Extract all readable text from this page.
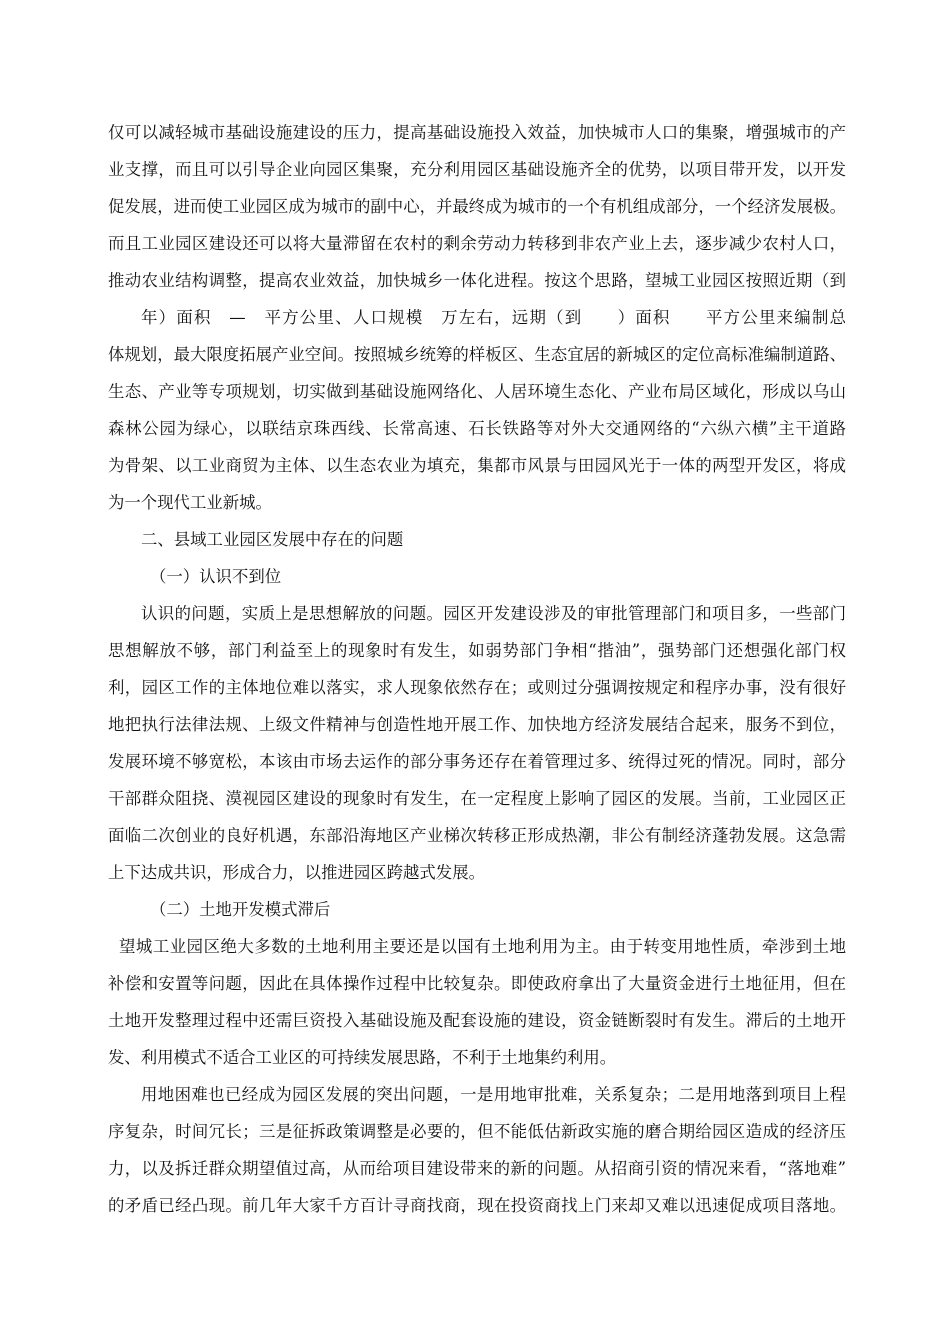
仅可以减轻城市基础设施建设的压力，提高基础设施投入效益，加快城市人口的集聚，增强城市的产
业支撑，而且可以引导企业向园区集聚，充分利用园区基础设施齐全的优势，以项目带开发，以开发
促发展，进而使工业园区成为城市的副中心，并最终成为城市的一个有机组成部分，一个经济发展极。
而且工业园区建设还可以将大量滞留在农村的剩余劳动力转移到非农产业上去，逐步减少农村人口，
推动农业结构调整，提高农业效益，加快城乡一体化进程。按这个思路，望城工业园区按照近期（到
年）面积　—　平方公里、人口规模　万左右，远期（到　　）面积　　平方公里来编制总
体规划，最大限度拓展产业空间。按照城乡统筹的样板区、生态宜居的新城区的定位高标准编制道路、
生态、产业等专项规划，切实做到基础设施网络化、人居环境生态化、产业布局区域化，形成以乌山
森林公园为绿心，以联结京珠西线、长常高速、石长铁路等对外大交通网络的“六纵六横”主干道路
为骨架、以工业商贸为主体、以生态农业为填充，集都市风景与田园风光于一体的两型开发区，将成
为一个现代工业新城。
二、县域工业园区发展中存在的问题
（一）认识不到位
认识的问题，实质上是思想解放的问题。园区开发建设涉及的审批管理部门和项目多，一些部门
思想解放不够，部门利益至上的现象时有发生，如弱势部门争相“揩油”，强势部门还想强化部门权
利，园区工作的主体地位难以落实，求人现象依然存在；或则过分强调按规定和程序办事，没有很好
地把执行法律法规、上级文件精神与创造性地开展工作、加快地方经济发展结合起来，服务不到位，
发展环境不够宽松，本该由市场去运作的部分事务还存在着管理过多、统得过死的情况。同时，部分
干部群众阻挠、漠视园区建设的现象时有发生，在一定程度上影响了园区的发展。当前，工业园区正
面临二次创业的良好机遇，东部沿海地区产业梯次转移正形成热潮，非公有制经济蓬勃发展。这急需
上下达成共识，形成合力，以推进园区跨越式发展。
（二）土地开发模式滞后
望城工业园区绝大多数的土地利用主要还是以国有土地利用为主。由于转变用地性质，牵涉到土地
补偿和安置等问题，因此在具体操作过程中比较复杂。即使政府拿出了大量资金进行土地征用，但在
土地开发整理过程中还需巨资投入基础设施及配套设施的建设，资金链断裂时有发生。滞后的土地开
发、利用模式不适合工业区的可持续发展思路，不利于土地集约利用。
用地困难也已经成为园区发展的突出问题，一是用地审批难，关系复杂；二是用地落到项目上程
序复杂，时间冗长；三是征拆政策调整是必要的，但不能低估新政实施的磨合期给园区造成的经济压
力，以及拆迁群众期望值过高，从而给项目建设带来的新的问题。从招商引资的情况来看，“落地难”
的矛盾已经凸现。前几年大家千方百计寻商找商，现在投资商找上门来却又难以迅速促成项目落地。
